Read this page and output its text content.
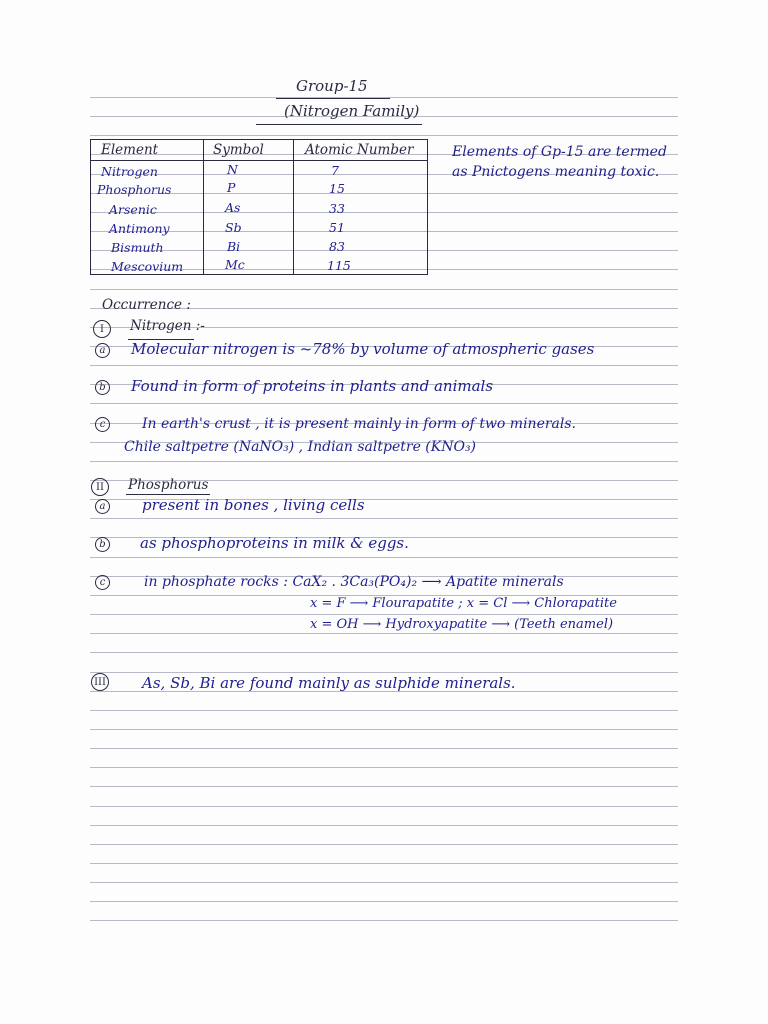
Group-15
(Nitrogen Family)
Element	Symbol	Atomic Number
Nitrogen	N	7
Phosphorus	P	15
Arsenic	As	33
Antimony	Sb	51
Bismuth	Bi	83
Mescovium	Mc	115
Elements of Gp-15 are termed
as Pnictogens meaning toxic.
Occurrence :
I	Nitrogen :-
a	Molecular nitrogen is ~78% by volume of atmospheric gases
b Found in form of proteins in plants and animals
c	In earth's crust , it is present mainly in form of two minerals.
Chile saltpetre (NaNO₃) , Indian saltpetre (KNO₃)
II	Phosphorus
a	present in bones , living cells
b as phosphoproteins in milk & eggs.
c	in phosphate rocks : CaX₂ . 3Ca₃(PO₄)₂ ⟶ Apatite minerals
x = F ⟶ Flourapatite ; x = Cl ⟶ Chlorapatite
x = OH ⟶ Hydroxyapatite ⟶ (Teeth enamel)
III As, Sb, Bi are found mainly as sulphide minerals.
